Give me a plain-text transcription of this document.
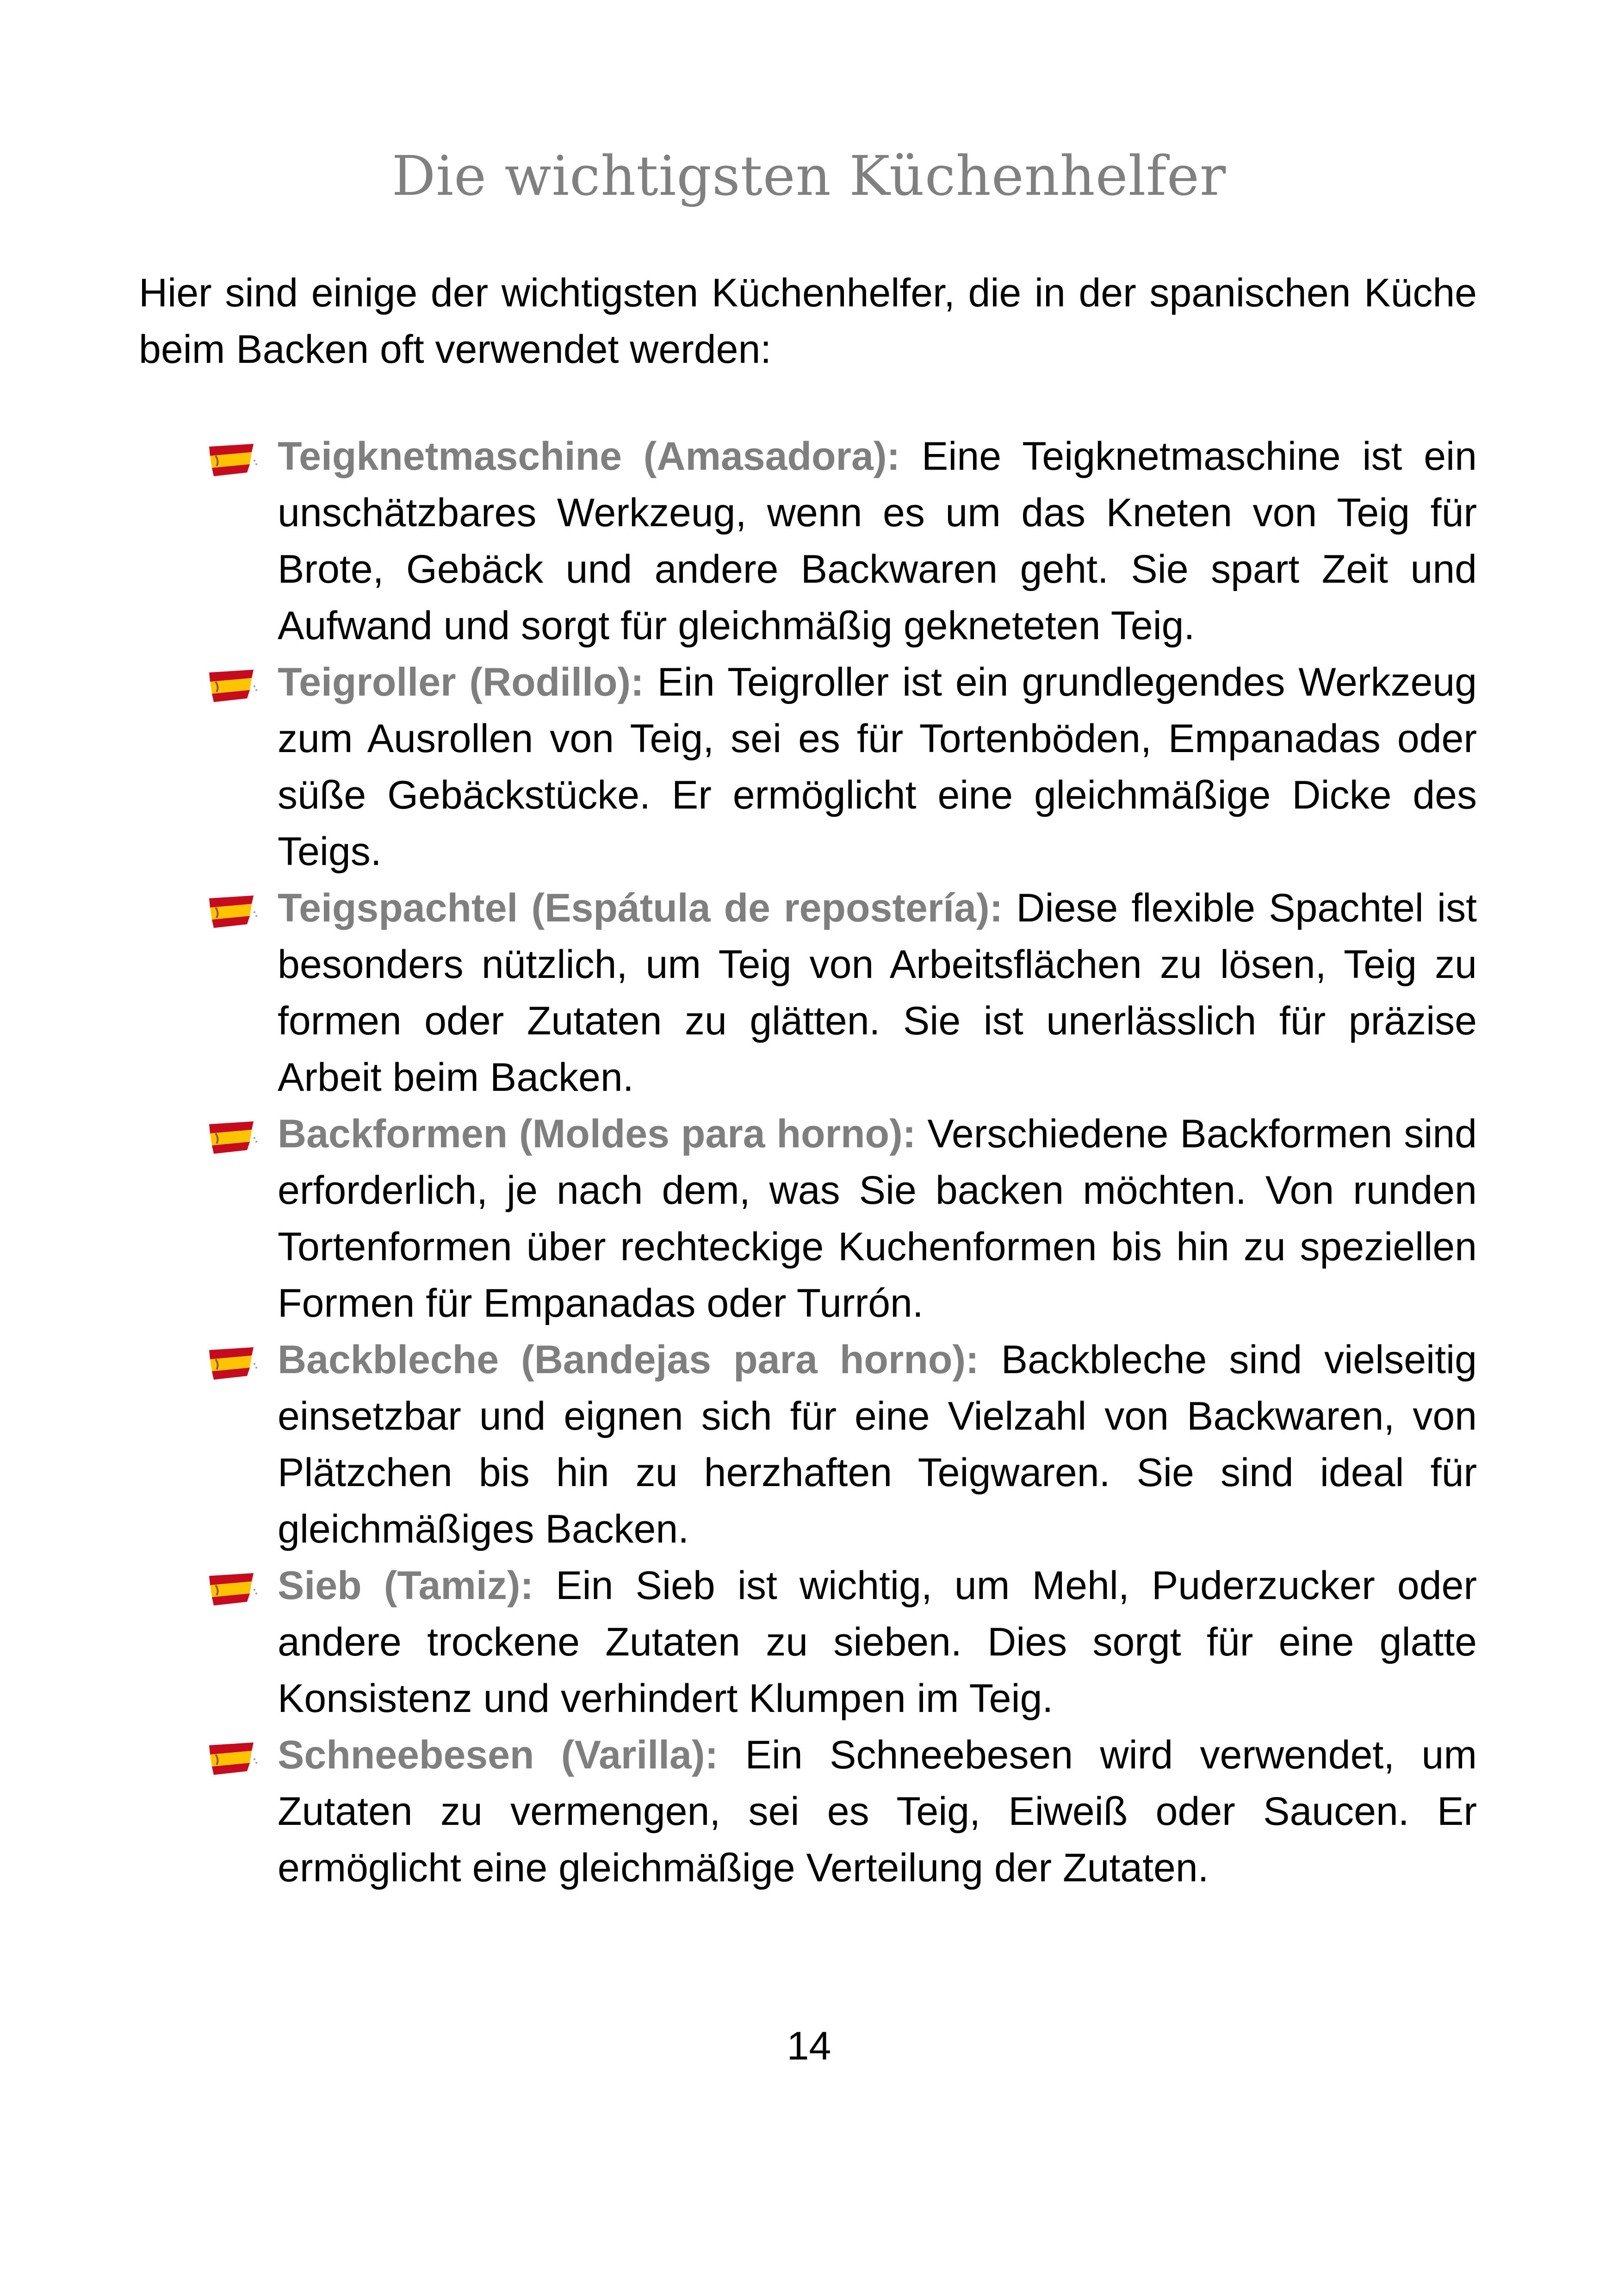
Die wichtigsten Küchenhelfer

Hier sind einige der wichtigsten Küchenhelfer, die in der spanischen Küche beim Backen oft verwendet werden:

Teigknetmaschine (Amasadora): Eine Teigknetmaschine ist ein unschätzbares Werkzeug, wenn es um das Kneten von Teig für Brote, Gebäck und andere Backwaren geht. Sie spart Zeit und Aufwand und sorgt für gleichmäßig gekneteten Teig.
Teigroller (Rodillo): Ein Teigroller ist ein grundlegendes Werkzeug zum Ausrollen von Teig, sei es für Tortenböden, Empanadas oder süße Gebäckstücke. Er ermöglicht eine gleichmäßige Dicke des Teigs.
Teigspachtel (Espátula de repostería): Diese flexible Spachtel ist besonders nützlich, um Teig von Arbeitsflächen zu lösen, Teig zu formen oder Zutaten zu glätten. Sie ist unerlässlich für präzise Arbeit beim Backen.
Backformen (Moldes para horno): Verschiedene Backformen sind erforderlich, je nach dem, was Sie backen möchten. Von runden Tortenformen über rechteckige Kuchenformen bis hin zu speziellen Formen für Empanadas oder Turrón.
Backbleche (Bandejas para horno): Backbleche sind vielseitig einsetzbar und eignen sich für eine Vielzahl von Backwaren, von Plätzchen bis hin zu herzhaften Teigwaren. Sie sind ideal für gleichmäßiges Backen.
Sieb (Tamiz): Ein Sieb ist wichtig, um Mehl, Puderzucker oder andere trockene Zutaten zu sieben. Dies sorgt für eine glatte Konsistenz und verhindert Klumpen im Teig.
Schneebesen (Varilla): Ein Schneebesen wird verwendet, um Zutaten zu vermengen, sei es Teig, Eiweiß oder Saucen. Er ermöglicht eine gleichmäßige Verteilung der Zutaten.
14
